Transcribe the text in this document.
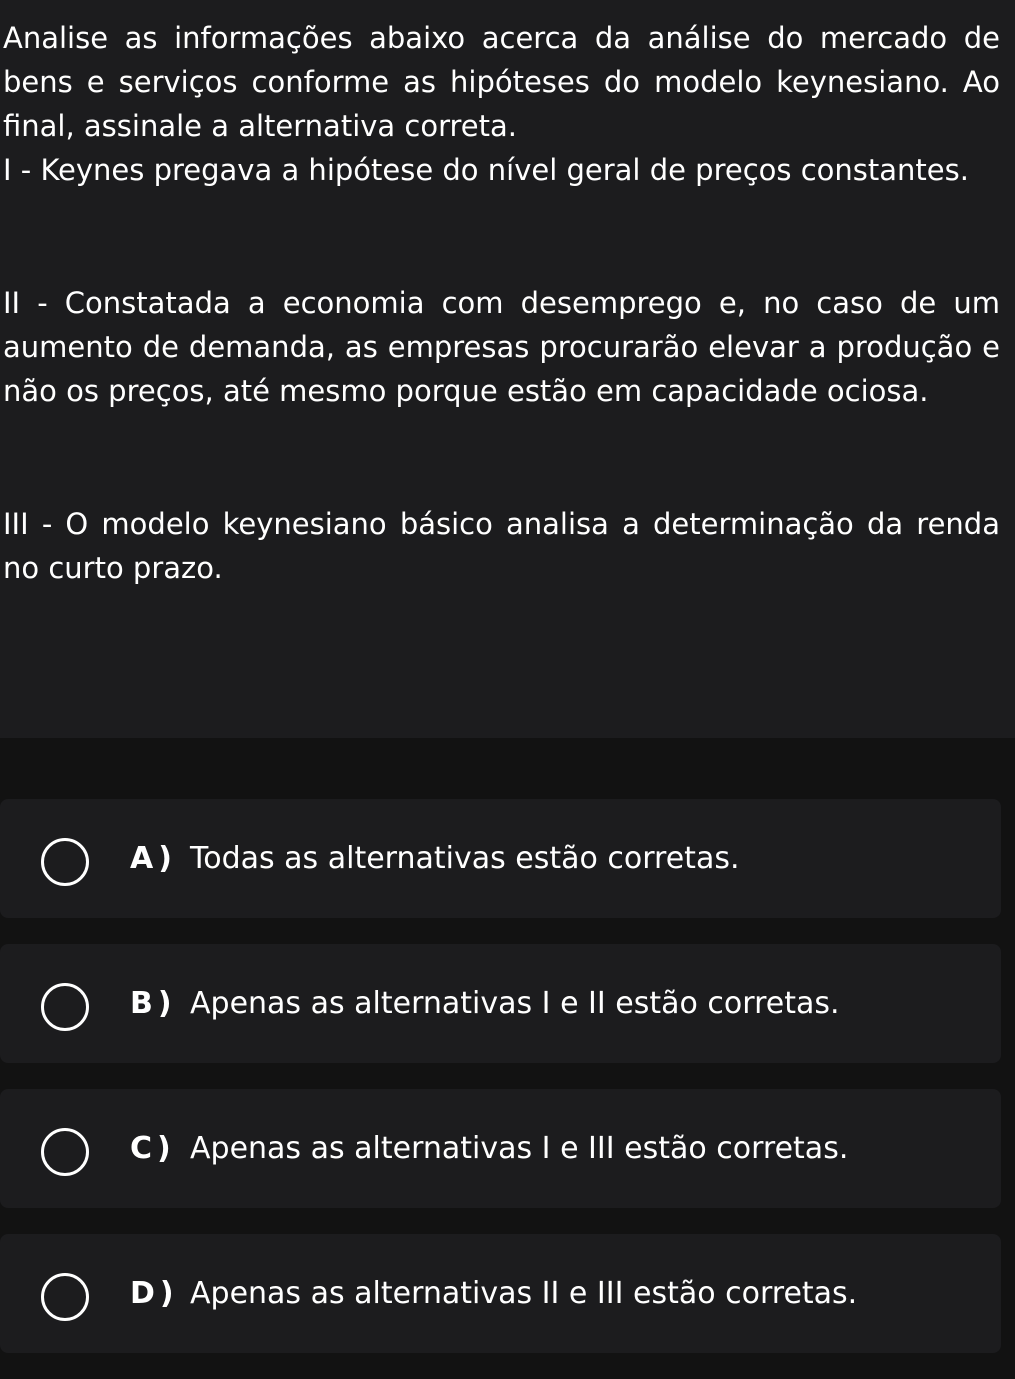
Analise as informações abaixo acerca da análise do mercado de bens e serviços conforme as hipóteses do modelo keynesiano. Ao final, assinale a alternativa correta.

I - Keynes pregava a hipótese do nível geral de preços constantes.

II - Constatada a economia com desemprego e, no caso de um aumento de demanda, as empresas procurarão elevar a produção e não os preços, até mesmo porque estão em capacidade ociosa.

III - O modelo keynesiano básico analisa a determinação da renda no curto prazo.

A ) Todas as alternativas estão corretas.
B ) Apenas as alternativas I e II estão corretas.
C ) Apenas as alternativas I e III estão corretas.
D ) Apenas as alternativas II e III estão corretas.
